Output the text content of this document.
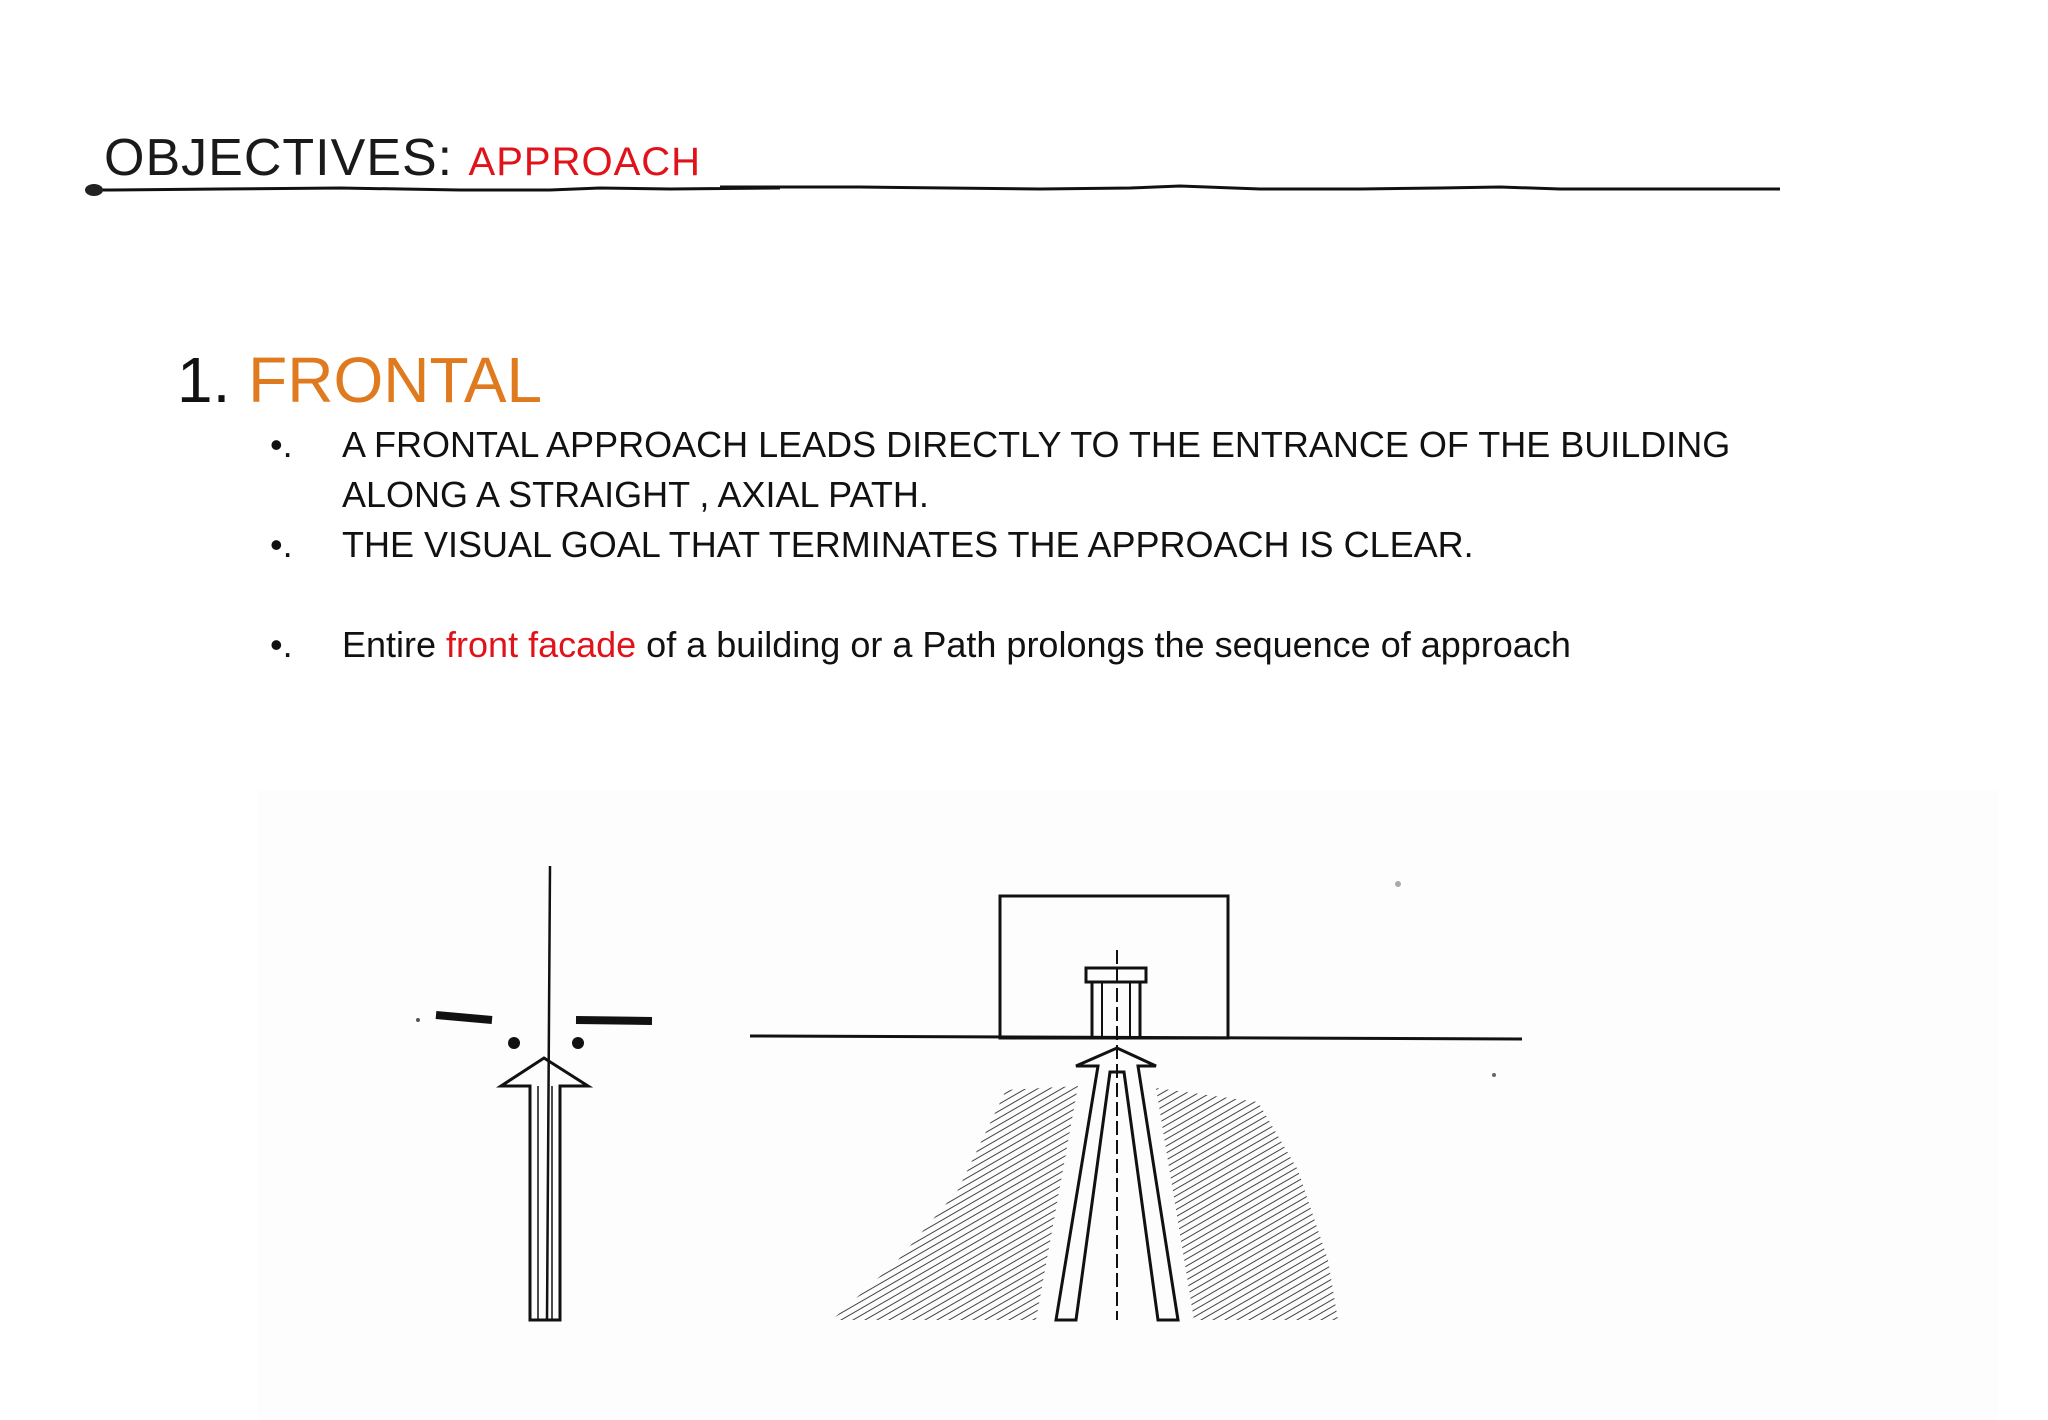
OBJECTIVES: APPROACH
1. FRONTAL
•.	A FRONTAL APPROACH LEADS DIRECTLY TO THE ENTRANCE OF THE BUILDING ALONG A STRAIGHT , AXIAL PATH.
•.	THE VISUAL GOAL THAT TERMINATES THE APPROACH IS CLEAR.
•.	Entire front facade of a building or a Path prolongs the sequence of approach
